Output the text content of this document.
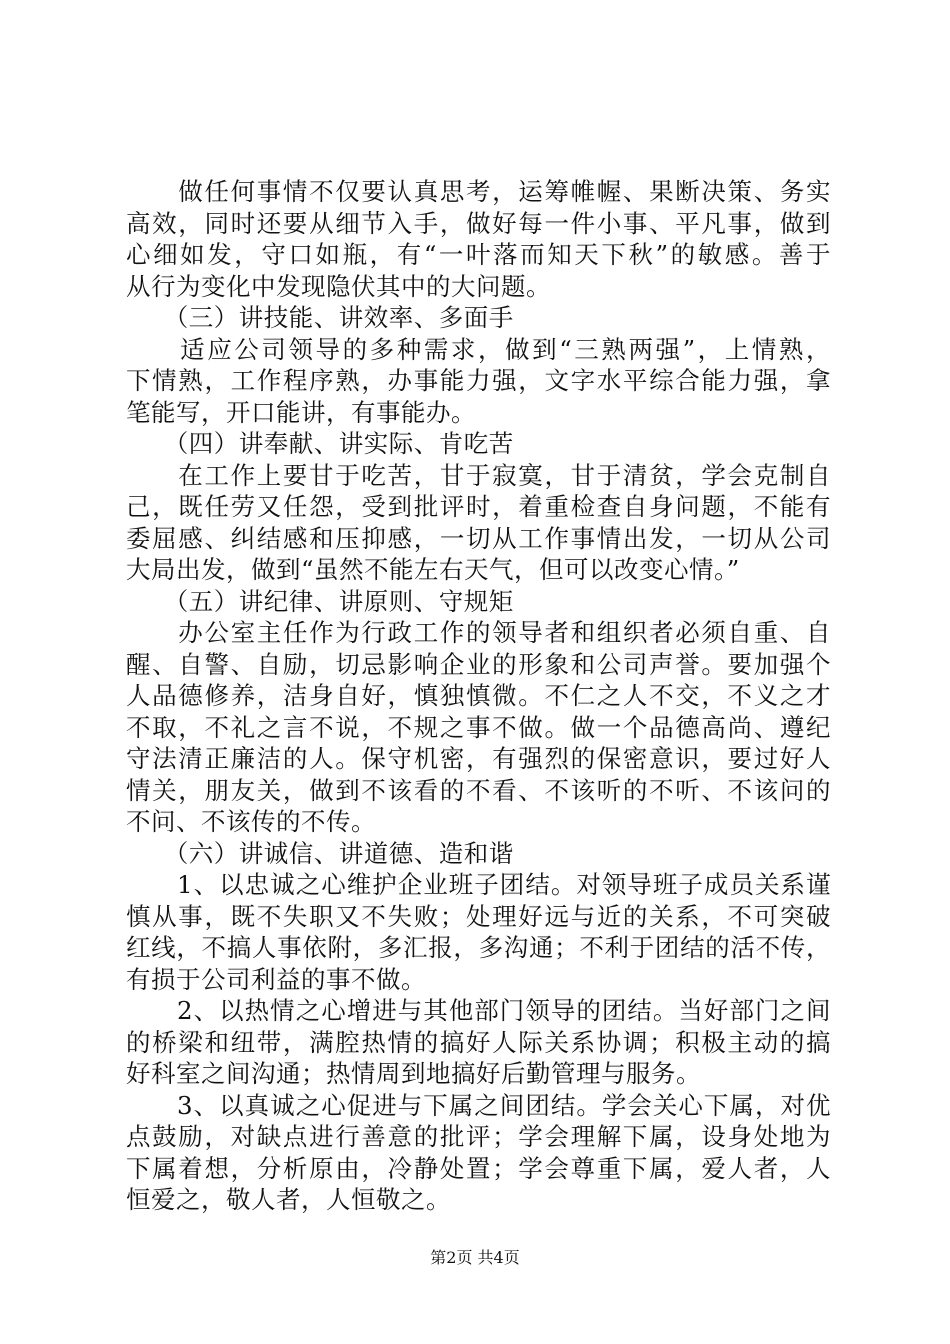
　　做任何事情不仅要认真思考，运筹帷幄、果断决策、务实
高效，同时还要从细节入手，做好每一件小事、平凡事，做到
心细如发，守口如瓶，有“一叶落而知天下秋”的敏感。善于
从行为变化中发现隐伏其中的大问题。
　　（三）讲技能、讲效率、多面手
　　适应公司领导的多种需求，做到“三熟两强”，上情熟，
下情熟，工作程序熟，办事能力强，文字水平综合能力强，拿
笔能写，开口能讲，有事能办。
　　（四）讲奉献、讲实际、肯吃苦
　　在工作上要甘于吃苦，甘于寂寞，甘于清贫，学会克制自
己，既任劳又任怨，受到批评时，着重检查自身问题，不能有
委屈感、纠结感和压抑感，一切从工作事情出发，一切从公司
大局出发，做到“虽然不能左右天气，但可以改变心情。”
　　（五）讲纪律、讲原则、守规矩
　　办公室主任作为行政工作的领导者和组织者必须自重、自
醒、自警、自励，切忌影响企业的形象和公司声誉。要加强个
人品德修养，洁身自好，慎独慎微。不仁之人不交，不义之才
不取，不礼之言不说，不规之事不做。做一个品德高尚、遵纪
守法清正廉洁的人。保守机密，有强烈的保密意识，要过好人
情关，朋友关，做到不该看的不看、不该听的不听、不该问的
不问、不该传的不传。
　　（六）讲诚信、讲道德、造和谐
　　1、以忠诚之心维护企业班子团结。对领导班子成员关系谨
慎从事，既不失职又不失败；处理好远与近的关系，不可突破
红线，不搞人事依附，多汇报，多沟通；不利于团结的活不传，
有损于公司利益的事不做。
　　2、以热情之心增进与其他部门领导的团结。当好部门之间
的桥梁和纽带，满腔热情的搞好人际关系协调；积极主动的搞
好科室之间沟通；热情周到地搞好后勤管理与服务。
　　3、以真诚之心促进与下属之间团结。学会关心下属，对优
点鼓励，对缺点进行善意的批评；学会理解下属，设身处地为
下属着想，分析原由，冷静处置；学会尊重下属，爱人者，人
恒爱之，敬人者，人恒敬之。
第2页 共4页
